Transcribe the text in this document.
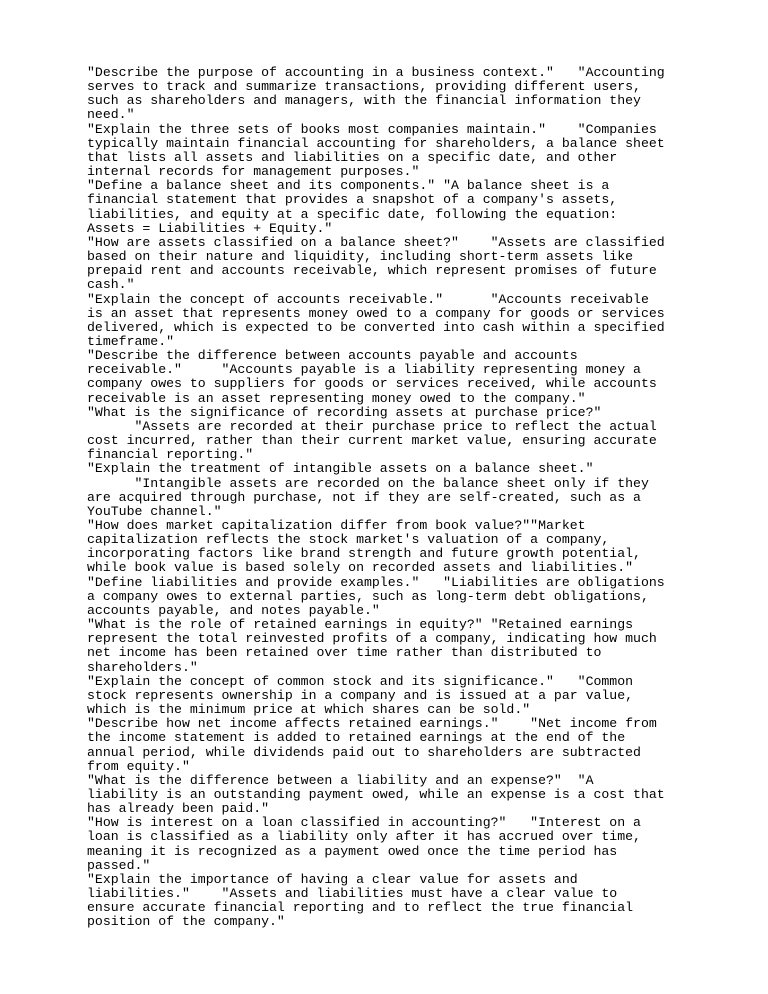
"Describe the purpose of accounting in a business context."   "Accounting
serves to track and summarize transactions, providing different users,
such as shareholders and managers, with the financial information they
need."
"Explain the three sets of books most companies maintain."    "Companies
typically maintain financial accounting for shareholders, a balance sheet
that lists all assets and liabilities on a specific date, and other
internal records for management purposes."
"Define a balance sheet and its components." "A balance sheet is a
financial statement that provides a snapshot of a company's assets,
liabilities, and equity at a specific date, following the equation:
Assets = Liabilities + Equity."
"How are assets classified on a balance sheet?"    "Assets are classified
based on their nature and liquidity, including short-term assets like
prepaid rent and accounts receivable, which represent promises of future
cash."
"Explain the concept of accounts receivable."      "Accounts receivable
is an asset that represents money owed to a company for goods or services
delivered, which is expected to be converted into cash within a specified
timeframe."
"Describe the difference between accounts payable and accounts
receivable."     "Accounts payable is a liability representing money a
company owes to suppliers for goods or services received, while accounts
receivable is an asset representing money owed to the company."
"What is the significance of recording assets at purchase price?"
"Assets are recorded at their purchase price to reflect the actual
cost incurred, rather than their current market value, ensuring accurate
financial reporting."
"Explain the treatment of intangible assets on a balance sheet."
"Intangible assets are recorded on the balance sheet only if they
are acquired through purchase, not if they are self-created, such as a
YouTube channel."
"How does market capitalization differ from book value?""Market
capitalization reflects the stock market's valuation of a company,
incorporating factors like brand strength and future growth potential,
while book value is based solely on recorded assets and liabilities."
"Define liabilities and provide examples."   "Liabilities are obligations
a company owes to external parties, such as long-term debt obligations,
accounts payable, and notes payable."
"What is the role of retained earnings in equity?" "Retained earnings
represent the total reinvested profits of a company, indicating how much
net income has been retained over time rather than distributed to
shareholders."
"Explain the concept of common stock and its significance."   "Common
stock represents ownership in a company and is issued at a par value,
which is the minimum price at which shares can be sold."
"Describe how net income affects retained earnings."    "Net income from
the income statement is added to retained earnings at the end of the
annual period, while dividends paid out to shareholders are subtracted
from equity."
"What is the difference between a liability and an expense?"  "A
liability is an outstanding payment owed, while an expense is a cost that
has already been paid."
"How is interest on a loan classified in accounting?"   "Interest on a
loan is classified as a liability only after it has accrued over time,
meaning it is recognized as a payment owed once the time period has
passed."
"Explain the importance of having a clear value for assets and
liabilities."    "Assets and liabilities must have a clear value to
ensure accurate financial reporting and to reflect the true financial
position of the company."
